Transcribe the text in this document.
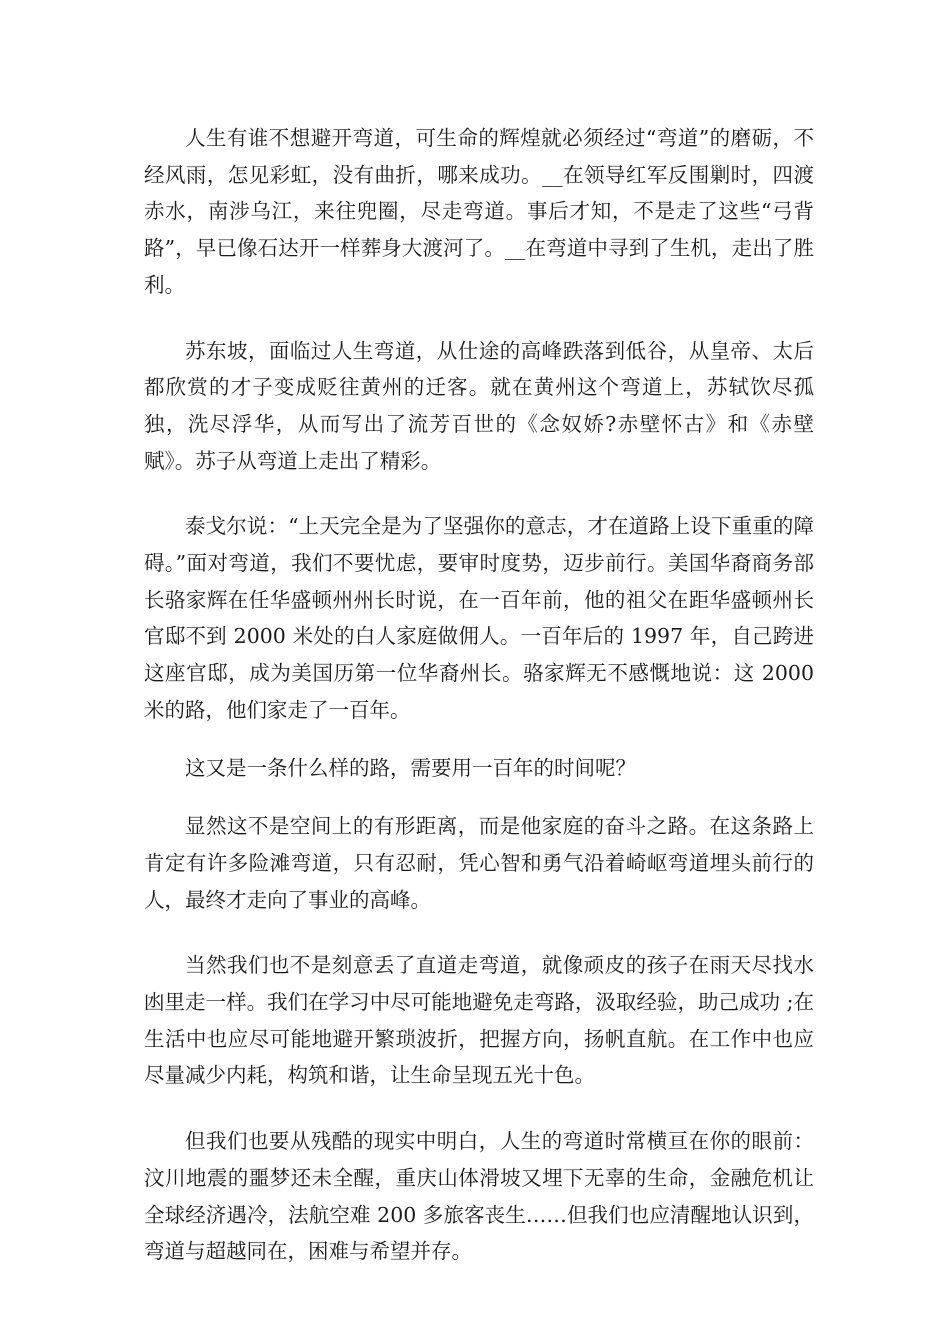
人生有谁不想避开弯道，可生命的辉煌就必须经过“弯道”的磨砺，不经风雨，怎见彩虹，没有曲折，哪来成功。__在领导红军反围剿时，四渡赤水，南涉乌江，来往兜圈，尽走弯道。事后才知，不是走了这些“弓背路”，早已像石达开一样葬身大渡河了。__在弯道中寻到了生机，走出了胜利。

苏东坡，面临过人生弯道，从仕途的高峰跌落到低谷，从皇帝、太后都欣赏的才子变成贬往黄州的迁客。就在黄州这个弯道上，苏轼饮尽孤独，洗尽浮华，从而写出了流芳百世的《念奴娇?赤壁怀古》和《赤壁赋》。苏子从弯道上走出了精彩。

泰戈尔说：“上天完全是为了坚强你的意志，才在道路上设下重重的障碍。”面对弯道，我们不要忧虑，要审时度势，迈步前行。美国华裔商务部长骆家辉在任华盛顿州州长时说，在一百年前，他的祖父在距华盛顿州长官邸不到 2000 米处的白人家庭做佣人。一百年后的 1997 年，自己跨进这座官邸，成为美国历第一位华裔州长。骆家辉无不感慨地说：这 2000 米的路，他们家走了一百年。

这又是一条什么样的路，需要用一百年的时间呢？

显然这不是空间上的有形距离，而是他家庭的奋斗之路。在这条路上肯定有许多险滩弯道，只有忍耐，凭心智和勇气沿着崎岖弯道埋头前行的人，最终才走向了事业的高峰。

当然我们也不是刻意丢了直道走弯道，就像顽皮的孩子在雨天尽找水凼里走一样。我们在学习中尽可能地避免走弯路，汲取经验，助己成功 ;在生活中也应尽可能地避开繁琐波折，把握方向，扬帆直航。在工作中也应尽量减少内耗，构筑和谐，让生命呈现五光十色。

但我们也要从残酷的现实中明白，人生的弯道时常横亘在你的眼前：汶川地震的噩梦还未全醒，重庆山体滑坡又埋下无辜的生命，金融危机让全球经济遇冷，法航空难 200 多旅客丧生……但我们也应清醒地认识到，弯道与超越同在，困难与希望并存。
